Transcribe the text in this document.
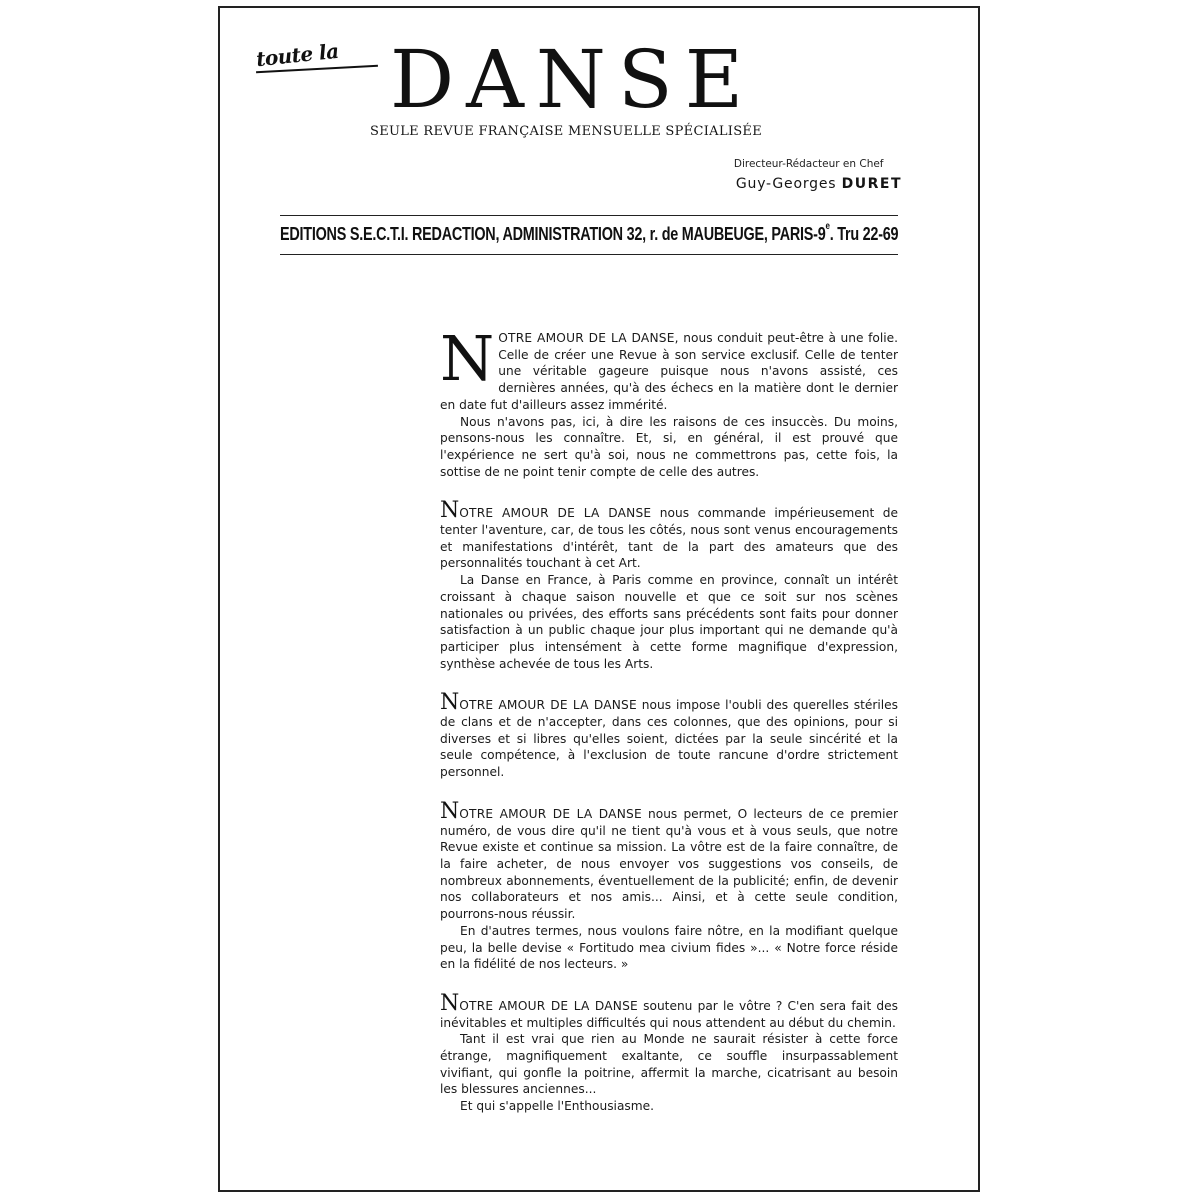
toute la DANSE
SEULE REVUE FRANÇAISE MENSUELLE SPÉCIALISÉE
Directeur-Rédacteur en Chef
Guy-Georges DURET
EDITIONS S.E.C.T.I. REDACTION, ADMINISTRATION 32, r. de MAUBEUGE, PARIS-9e. Tru 22-69

NOTRE AMOUR DE LA DANSE, nous conduit peut-être à une folie. Celle de créer une Revue à son service exclusif. Celle de tenter une véritable gageure puisque nous n'avons assisté, ces dernières années, qu'à des échecs en la matière dont le dernier en date fut d'ailleurs assez immérité.

Nous n'avons pas, ici, à dire les raisons de ces insuccès. Du moins, pensons-nous les connaître. Et, si, en général, il est prouvé que l'expérience ne sert qu'à soi, nous ne commettrons pas, cette fois, la sottise de ne point tenir compte de celle des autres.

NOTRE AMOUR DE LA DANSE nous commande impérieusement de tenter l'aventure, car, de tous les côtés, nous sont venus encouragements et manifestations d'intérêt, tant de la part des amateurs que des personnalités touchant à cet Art.

La Danse en France, à Paris comme en province, connaît un intérêt croissant à chaque saison nouvelle et que ce soit sur nos scènes nationales ou privées, des efforts sans précédents sont faits pour donner satisfaction à un public chaque jour plus important qui ne demande qu'à participer plus intensément à cette forme magnifique d'expression, synthèse achevée de tous les Arts.

NOTRE AMOUR DE LA DANSE nous impose l'oubli des querelles stériles de clans et de n'accepter, dans ces colonnes, que des opinions, pour si diverses et si libres qu'elles soient, dictées par la seule sincérité et la seule compétence, à l'exclusion de toute rancune d'ordre strictement personnel.

NOTRE AMOUR DE LA DANSE nous permet, O lecteurs de ce premier numéro, de vous dire qu'il ne tient qu'à vous et à vous seuls, que notre Revue existe et continue sa mission. La vôtre est de la faire connaître, de la faire acheter, de nous envoyer vos suggestions vos conseils, de nombreux abonnements, éventuellement de la publicité; enfin, de devenir nos collaborateurs et nos amis... Ainsi, et à cette seule condition, pourrons-nous réussir.

En d'autres termes, nous voulons faire nôtre, en la modifiant quelque peu, la belle devise « Fortitudo mea civium fides »... « Notre force réside en la fidélité de nos lecteurs. »

NOTRE AMOUR DE LA DANSE soutenu par le vôtre ? C'en sera fait des inévitables et multiples difficultés qui nous attendent au début du chemin.

Tant il est vrai que rien au Monde ne saurait résister à cette force étrange, magnifiquement exaltante, ce souffle insurpassablement vivifiant, qui gonfle la poitrine, affermit la marche, cicatrisant au besoin les blessures anciennes...

Et qui s'appelle l'Enthousiasme.
